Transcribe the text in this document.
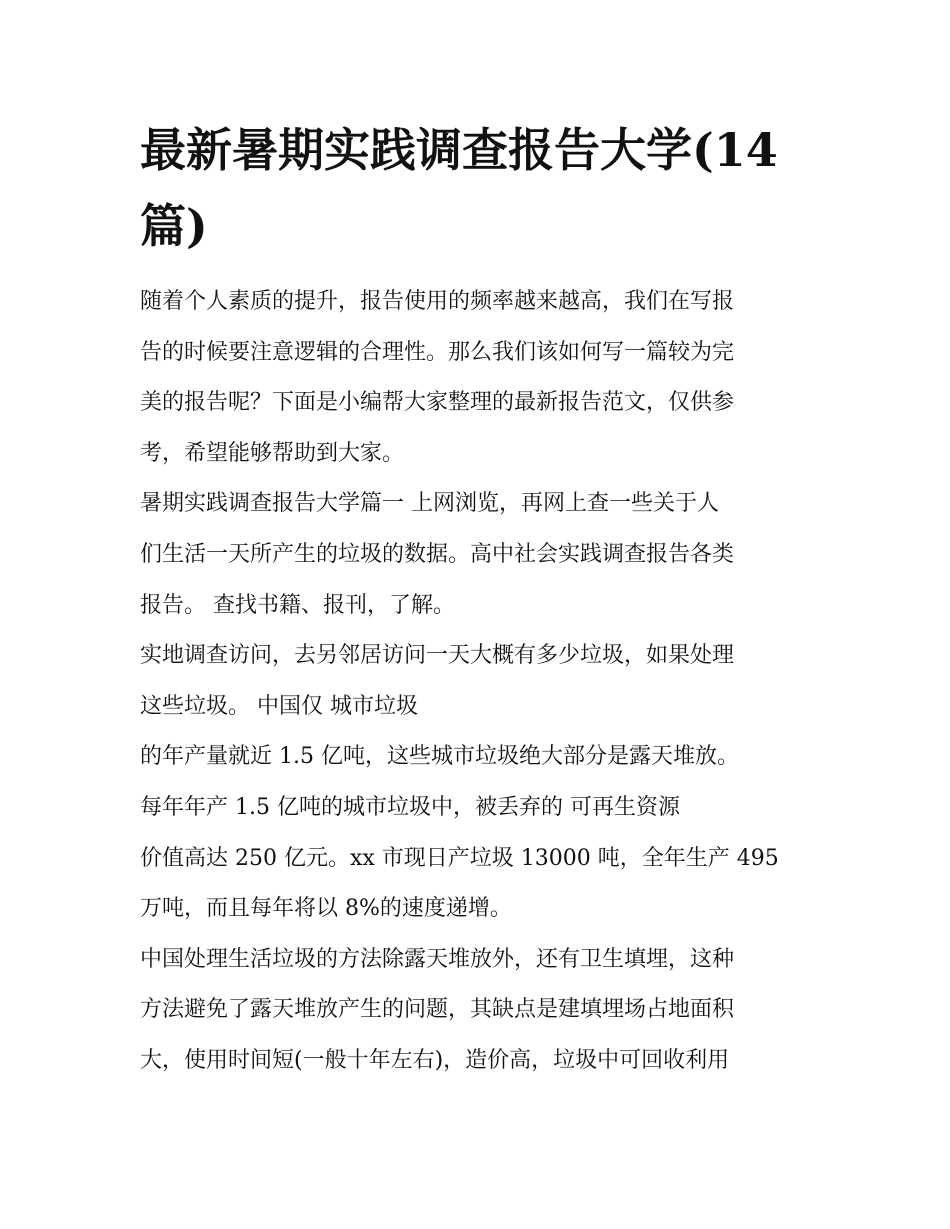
最新暑期实践调查报告大学(14
篇)
随着个人素质的提升，报告使用的频率越来越高，我们在写报
告的时候要注意逻辑的合理性。那么我们该如何写一篇较为完
美的报告呢？下面是小编帮大家整理的最新报告范文，仅供参
考，希望能够帮助到大家。
暑期实践调查报告大学篇一 上网浏览，再网上查一些关于人
们生活一天所产生的垃圾的数据。高中社会实践调查报告各类
报告。 查找书籍、报刊，了解。
实地调查访问，去另邻居访问一天大概有多少垃圾，如果处理
这些垃圾。 中国仅 城市垃圾
的年产量就近 1.5 亿吨，这些城市垃圾绝大部分是露天堆放。
每年年产 1.5 亿吨的城市垃圾中，被丢弃的 可再生资源
价值高达 250 亿元。xx 市现日产垃圾 13000 吨，全年生产 495
万吨，而且每年将以 8%的速度递增。
中国处理生活垃圾的方法除露天堆放外，还有卫生填埋，这种
方法避免了露天堆放产生的问题，其缺点是建填埋场占地面积
大，使用时间短(一般十年左右)，造价高，垃圾中可回收利用
